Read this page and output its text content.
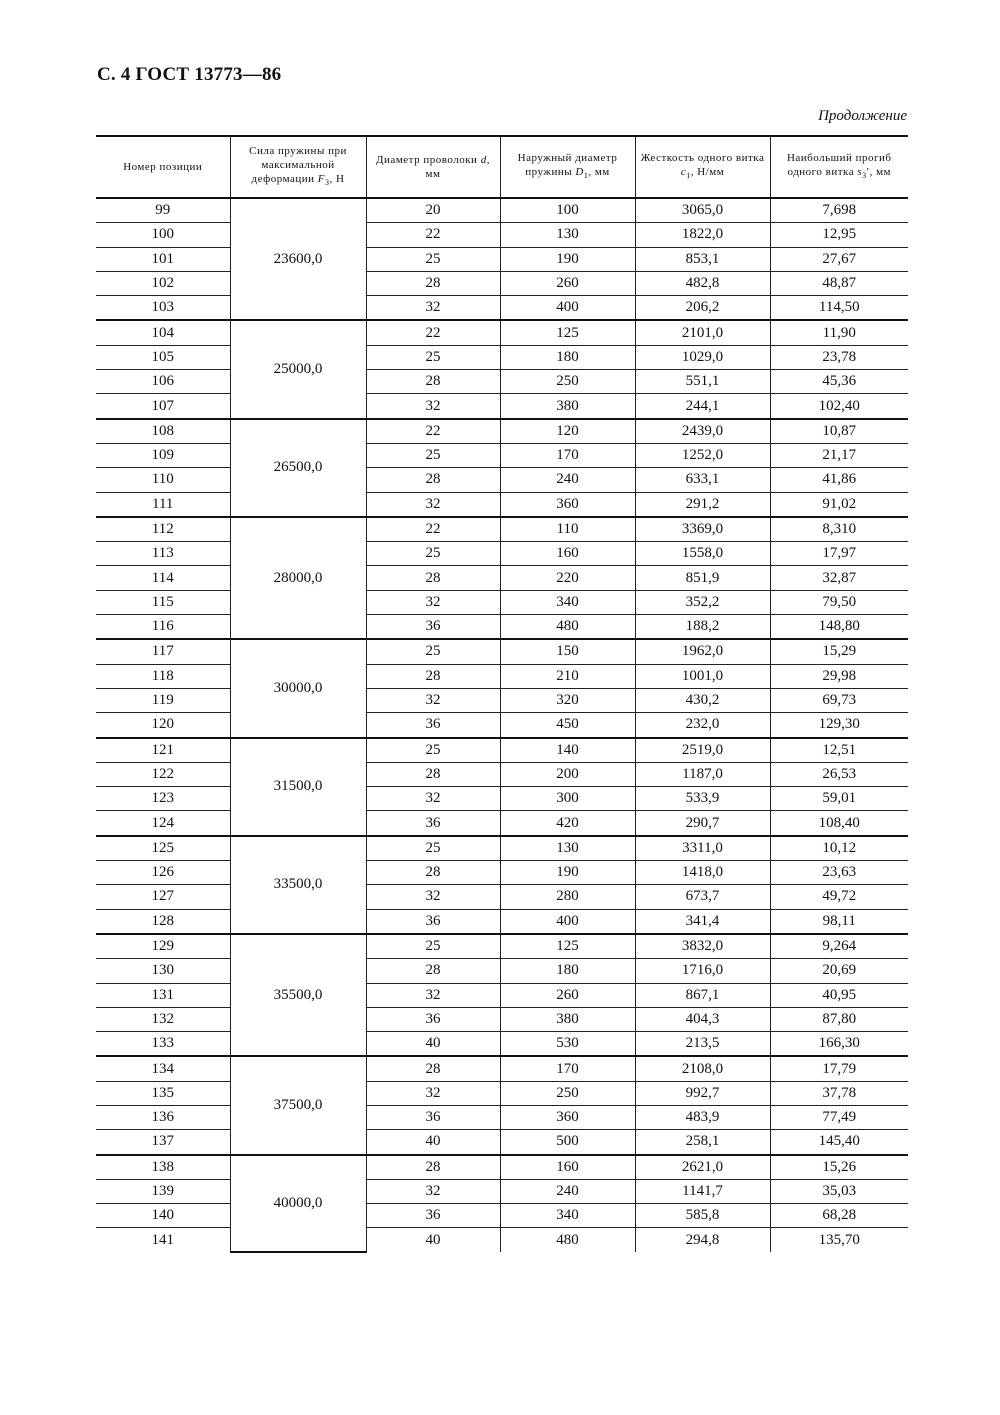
С. 4 ГОСТ 13773—86
Продолжение
Номер позиции	Сила пружины при максимальной деформации $F_3$, Н	Диаметр проволоки d, мм	Наружный диаметр пружины $D_1$, мм	Жесткость одного витка $c_1$, Н/мм	Наибольший прогиб одного витка $s_3'$, мм
99	23600,0	20	100	3065,0	7,698
100		22	130	1822,0	12,95
101		25	190	853,1	27,67
102		28	260	482,8	48,87
103		32	400	206,2	114,50
104	25000,0	22	125	2101,0	11,90
105		25	180	1029,0	23,78
106		28	250	551,1	45,36
107		32	380	244,1	102,40
108	26500,0	22	120	2439,0	10,87
109		25	170	1252,0	21,17
110		28	240	633,1	41,86
111		32	360	291,2	91,02
112	28000,0	22	110	3369,0	8,310
113		25	160	1558,0	17,97
114		28	220	851,9	32,87
115		32	340	352,2	79,50
116		36	480	188,2	148,80
117	30000,0	25	150	1962,0	15,29
118		28	210	1001,0	29,98
119		32	320	430,2	69,73
120		36	450	232,0	129,30
121	31500,0	25	140	2519,0	12,51
122		28	200	1187,0	26,53
123		32	300	533,9	59,01
124		36	420	290,7	108,40
125	33500,0	25	130	3311,0	10,12
126		28	190	1418,0	23,63
127		32	280	673,7	49,72
128		36	400	341,4	98,11
129	35500,0	25	125	3832,0	9,264
130		28	180	1716,0	20,69
131		32	260	867,1	40,95
132		36	380	404,3	87,80
133		40	530	213,5	166,30
134	37500,0	28	170	2108,0	17,79
135		32	250	992,7	37,78
136		36	360	483,9	77,49
137		40	500	258,1	145,40
138	40000,0	28	160	2621,0	15,26
139		32	240	1141,7	35,03
140		36	340	585,8	68,28
141		40	480	294,8	135,70
